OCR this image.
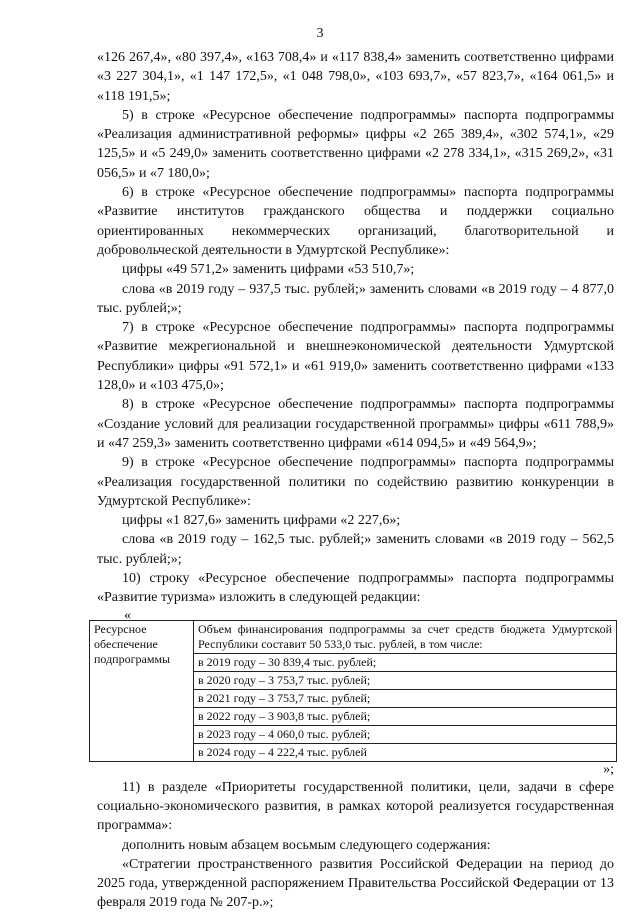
3

«126 267,4», «80 397,4», «163 708,4» и «117 838,4» заменить соответственно цифрами «3 227 304,1», «1 147 172,5», «1 048 798,0», «103 693,7», «57 823,7», «164 061,5» и «118 191,5»;

5) в строке «Ресурсное обеспечение подпрограммы» паспорта подпрограммы «Реализация административной реформы» цифры «2 265 389,4», «302 574,1», «29 125,5» и «5 249,0» заменить соответственно цифрами «2 278 334,1», «315 269,2», «31 056,5» и «7 180,0»;

6) в строке «Ресурсное обеспечение подпрограммы» паспорта подпрограммы «Развитие институтов гражданского общества и поддержки социально ориентированных некоммерческих организаций, благотворительной и добровольческой деятельности в Удмуртской Республике»:

цифры «49 571,2» заменить цифрами «53 510,7»;

слова «в 2019 году – 937,5 тыс. рублей;» заменить словами «в 2019 году – 4 877,0 тыс. рублей;»;

7) в строке «Ресурсное обеспечение подпрограммы» паспорта подпрограммы «Развитие межрегиональной и внешнеэкономической деятельности Удмуртской Республики» цифры «91 572,1» и «61 919,0» заменить соответственно цифрами «133 128,0» и «103 475,0»;

8) в строке «Ресурсное обеспечение подпрограммы» паспорта подпрограммы «Создание условий для реализации государственной программы» цифры «611 788,9» и «47 259,3» заменить соответственно цифрами «614 094,5» и «49 564,9»;

9) в строке «Ресурсное обеспечение подпрограммы» паспорта подпрограммы «Реализация государственной политики по содействию развитию конкуренции в Удмуртской Республике»:

цифры «1 827,6» заменить цифрами «2 227,6»;

слова «в 2019 году – 162,5 тыс. рублей;» заменить словами «в 2019 году – 562,5 тыс. рублей;»;

10) строку «Ресурсное обеспечение подпрограммы» паспорта подпрограммы «Развитие туризма» изложить в следующей редакции:

«

Ресурсное обеспечение подпрограммы	Объем финансирования подпрограммы за счет средств бюджета Удмуртской Республики составит 50 533,0 тыс. рублей, в том числе:
в 2019 году – 30 839,4 тыс. рублей;
в 2020 году – 3 753,7 тыс. рублей;
в 2021 году – 3 753,7 тыс. рублей;
в 2022 году – 3 903,8 тыс. рублей;
в 2023 году – 4 060,0 тыс. рублей;
в 2024 году – 4 222,4 тыс. рублей

»;

11) в разделе «Приоритеты государственной политики, цели, задачи в сфере социально-экономического развития, в рамках которой реализуется государственная программа»:

дополнить новым абзацем восьмым следующего содержания:

«Стратегии пространственного развития Российской Федерации на период до 2025 года, утвержденной распоряжением Правительства Российской Федерации от 13 февраля 2019 года № 207-р.»;
